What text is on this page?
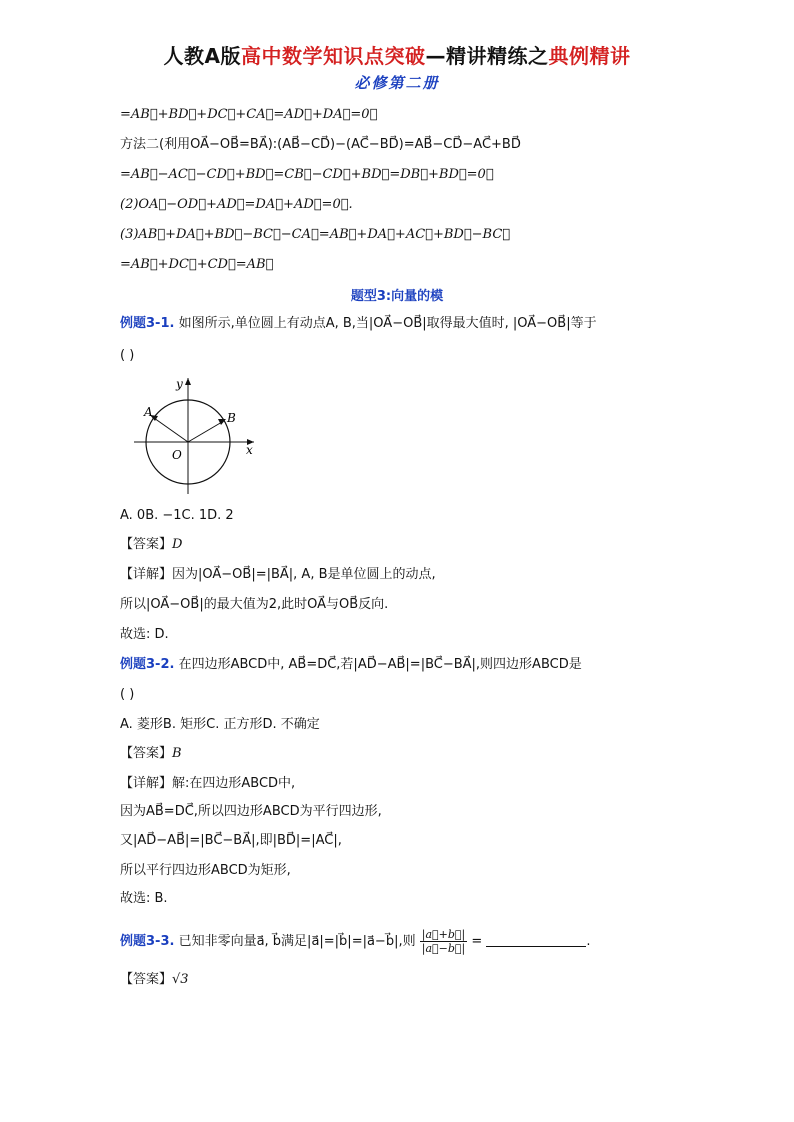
人教A版高中数学知识点突破—精讲精练之典例精讲
必修第二册
=AB⃗+BD⃗+DC⃗+CA⃗=AD⃗+DA⃗=0⃗
方法二(利用OA⃗−OB⃗=BA⃗):(AB⃗−CD⃗)−(AC⃗−BD⃗)=AB⃗−CD⃗−AC⃗+BD⃗
=AB⃗−AC⃗−CD⃗+BD⃗=CB⃗−CD⃗+BD⃗=DB⃗+BD⃗=0⃗
(2)OA⃗−OD⃗+AD⃗=DA⃗+AD⃗=0⃗.
(3)AB⃗+DA⃗+BD⃗−BC⃗−CA⃗=AB⃗+DA⃗+AC⃗+BD⃗−BC⃗
=AB⃗+DC⃗+CD⃗=AB⃗
题型3:向量的模
例题3-1. 如图所示,单位圆上有动点A, B,当|OA⃗−OB⃗|取得最大值时, |OA⃗−OB⃗|等于
( )
y
x
O
A	B
A. 0B. −1C. 1D. 2
【答案】D
【详解】因为|OA⃗−OB⃗|=|BA⃗|, A, B是单位圆上的动点,
所以|OA⃗−OB⃗|的最大值为2,此时OA⃗与OB⃗反向.
故选: D.
例题3-2. 在四边形ABCD中, AB⃗=DC⃗,若|AD⃗−AB⃗|=|BC⃗−BA⃗|,则四边形ABCD是
( )
A. 菱形B. 矩形C. 正方形D. 不确定
【答案】B
【详解】解:在四边形ABCD中,
因为AB⃗=DC⃗,所以四边形ABCD为平行四边形,
又|AD⃗−AB⃗|=|BC⃗−BA⃗|,即|BD⃗|=|AC⃗|,
所以平行四边形ABCD为矩形,
故选: B.
例题3-3. 已知非零向量a⃗, b⃗满足|a⃗|=|b⃗|=|a⃗−b⃗|,则 $\frac{|a⃗+b⃗|}{|a⃗-b⃗|}$ =	.
【答案】√3
